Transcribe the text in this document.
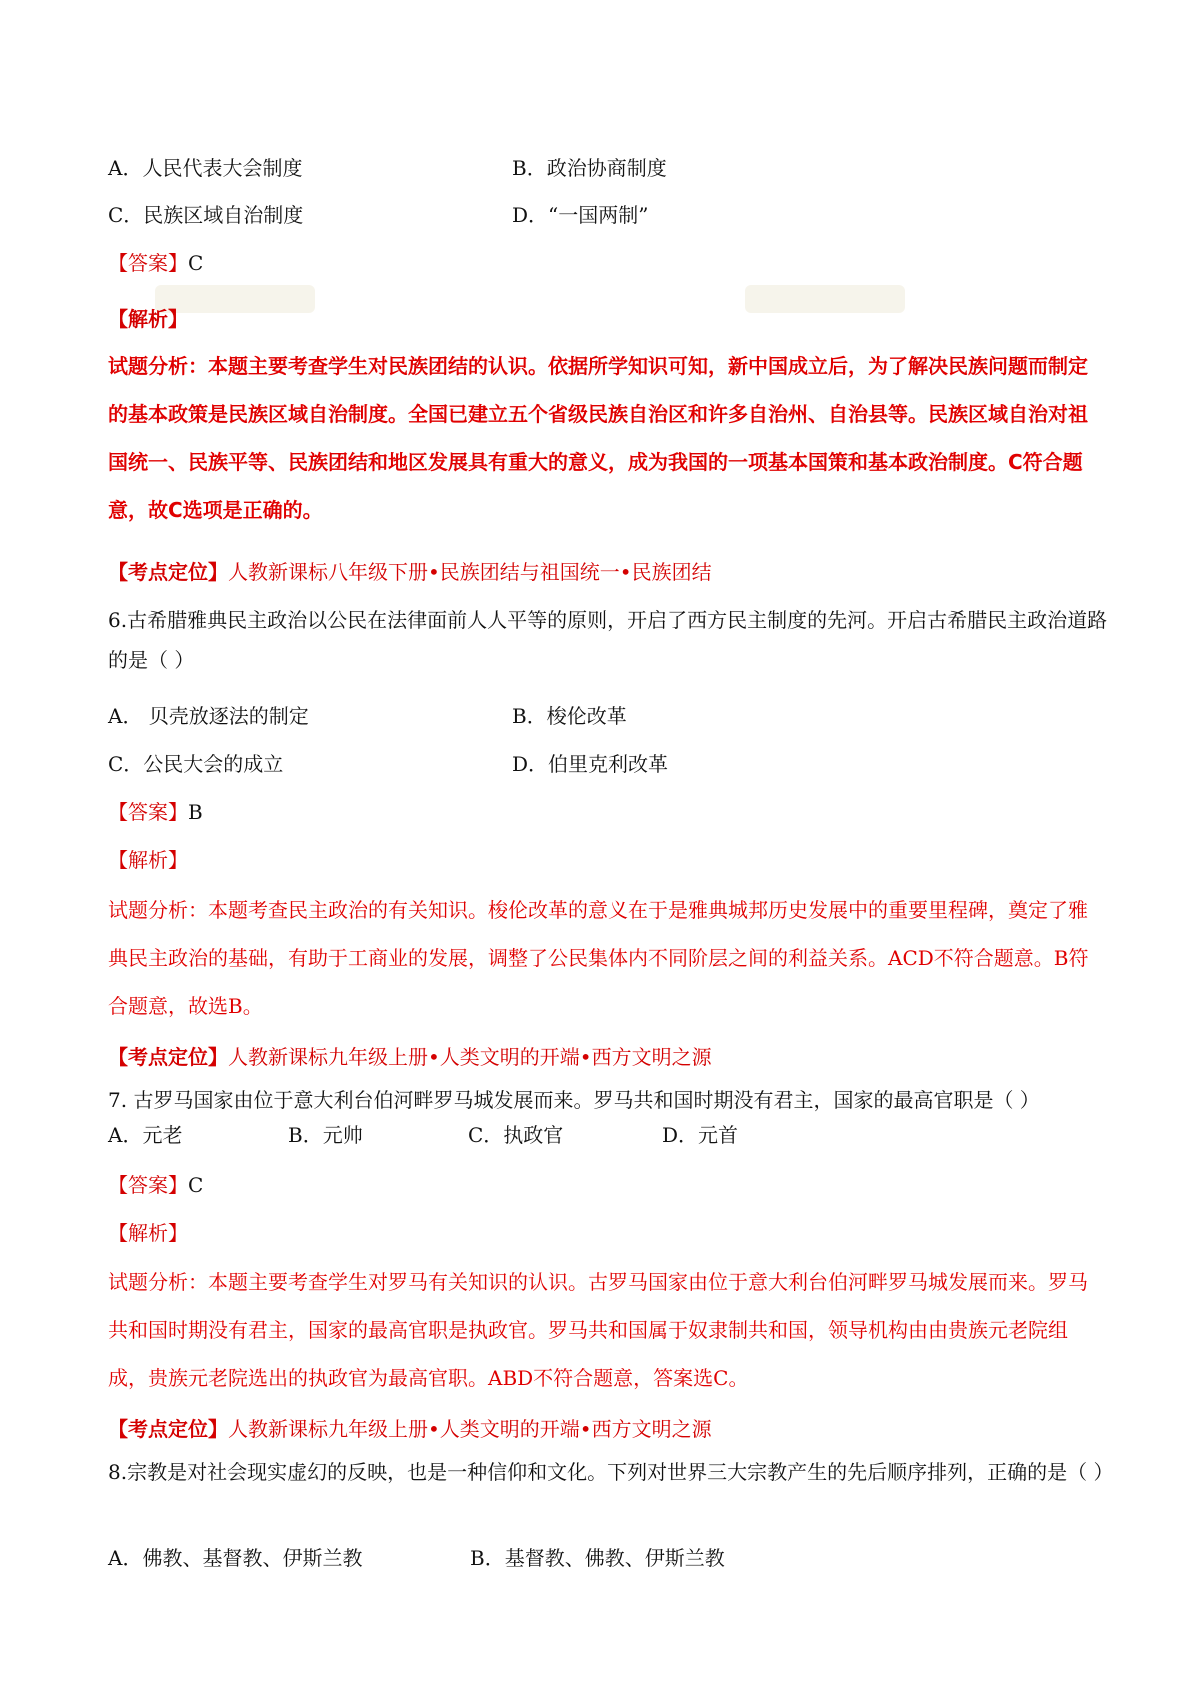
A．人民代表大会制度	B．政治协商制度
C．民族区域自治制度	D．“一国两制”
【答案】C
【解析】
试题分析：本题主要考查学生对民族团结的认识。依据所学知识可知，新中国成立后，为了解决民族问题而制定的基本政策是民族区域自治制度。全国已建立五个省级民族自治区和许多自治州、自治县等。民族区域自治对祖国统一、民族平等、民族团结和地区发展具有重大的意义，成为我国的一项基本国策和基本政治制度。C符合题意，故C选项是正确的。
【考点定位】人教新课标八年级下册•民族团结与祖国统一•民族团结
6.古希腊雅典民主政治以公民在法律面前人人平等的原则，开启了西方民主制度的先河。开启古希腊民主政治道路的是（ ）
A． 贝壳放逐法的制定	B．梭伦改革
C．公民大会的成立	D．伯里克利改革
【答案】B
【解析】
试题分析：本题考查民主政治的有关知识。梭伦改革的意义在于是雅典城邦历史发展中的重要里程碑，奠定了雅典民主政治的基础，有助于工商业的发展，调整了公民集体内不同阶层之间的利益关系。ACD不符合题意。B符合题意，故选B。
【考点定位】人教新课标九年级上册•人类文明的开端•西方文明之源
7. 古罗马国家由位于意大利台伯河畔罗马城发展而来。罗马共和国时期没有君主，国家的最高官职是（ ）
A．元老	B．元帅	C．执政官	D．元首
【答案】C
【解析】
试题分析：本题主要考查学生对罗马有关知识的认识。古罗马国家由位于意大利台伯河畔罗马城发展而来。罗马共和国时期没有君主，国家的最高官职是执政官。罗马共和国属于奴隶制共和国，领导机构由由贵族元老院组成，贵族元老院选出的执政官为最高官职。ABD不符合题意，答案选C。
【考点定位】人教新课标九年级上册•人类文明的开端•西方文明之源
8.宗教是对社会现实虚幻的反映，也是一种信仰和文化。下列对世界三大宗教产生的先后顺序排列，正确的是（ ）
A．佛教、基督教、伊斯兰教	B．基督教、佛教、伊斯兰教
